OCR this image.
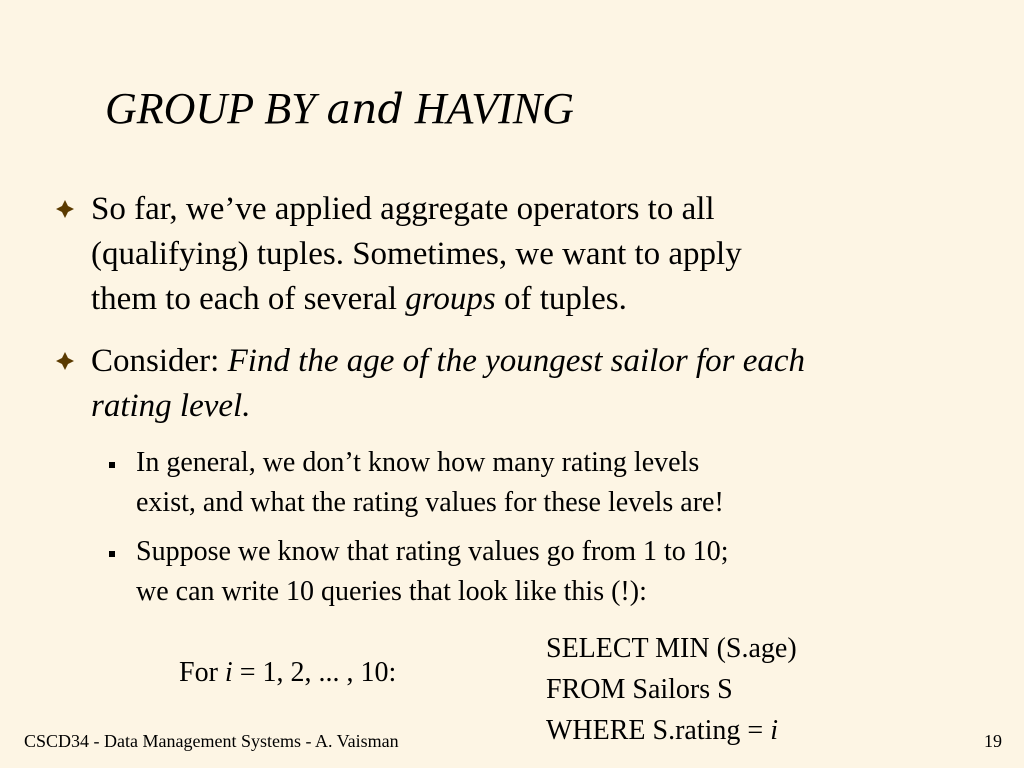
GROUP BY and HAVING
So far, we’ve applied aggregate operators to all
(qualifying) tuples. Sometimes, we want to apply
them to each of several groups of tuples.
Consider: Find the age of the youngest sailor for each
rating level.
In general, we don’t know how many rating levels
exist, and what the rating values for these levels are!
Suppose we know that rating values go from 1 to 10;
we can write 10 queries that look like this (!):
For i = 1, 2, ... , 10:
SELECT MIN (S.age)
FROM Sailors S
WHERE S.rating = i
CSCD34 - Data Management Systems - A. Vaisman	19
